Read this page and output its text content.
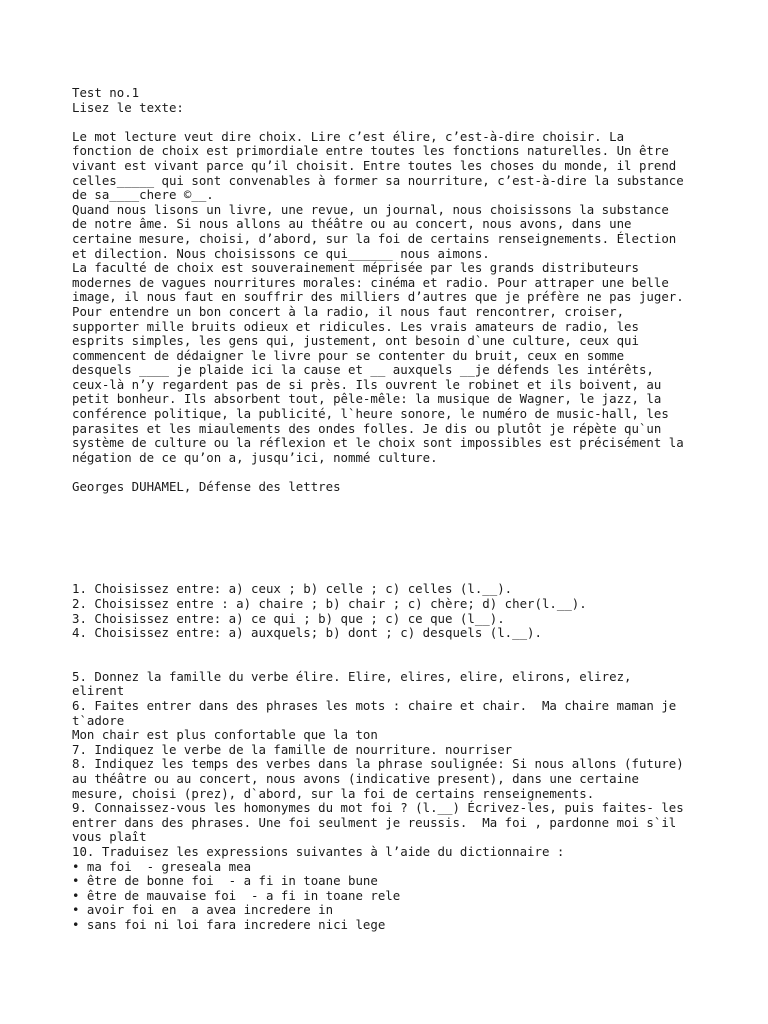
Test no.1
Lisez le texte:
Le mot lecture veut dire choix. Lire c’est élire, c’est-à-dire choisir. La
fonction de choix est primordiale entre toutes les fonctions naturelles. Un être
vivant est vivant parce qu’il choisit. Entre toutes les choses du monde, il prend
celles_____ qui sont convenables à former sa nourriture, c’est-à-dire la substance
de sa____chere ©__.
Quand nous lisons un livre, une revue, un journal, nous choisissons la substance
de notre âme. Si nous allons au théâtre ou au concert, nous avons, dans une
certaine mesure, choisi, d’abord, sur la foi de certains renseignements. Élection
et dilection. Nous choisissons ce qui______ nous aimons.
La faculté de choix est souverainement méprisée par les grands distributeurs
modernes de vagues nourritures morales: cinéma et radio. Pour attraper une belle
image, il nous faut en souffrir des milliers d’autres que je préfère ne pas juger.
Pour entendre un bon concert à la radio, il nous faut rencontrer, croiser,
supporter mille bruits odieux et ridicules. Les vrais amateurs de radio, les
esprits simples, les gens qui, justement, ont besoin d`une culture, ceux qui
commencent de dédaigner le livre pour se contenter du bruit, ceux en somme
desquels ____ je plaide ici la cause et __ auxquels __je défends les intérêts,
ceux-là n’y regardent pas de si près. Ils ouvrent le robinet et ils boivent, au
petit bonheur. Ils absorbent tout, pêle-mêle: la musique de Wagner, le jazz, la
conférence politique, la publicité, l`heure sonore, le numéro de music-hall, les
parasites et les miaulements des ondes folles. Je dis ou plutôt je répète qu`un
système de culture ou la réflexion et le choix sont impossibles est précisément la
négation de ce qu’on a, jusqu’ici, nommé culture.
Georges DUHAMEL, Défense des lettres
1. Choisissez entre: a) ceux ; b) celle ; c) celles (l.__).
2. Choisissez entre : a) chaire ; b) chair ; c) chère; d) cher(l.__).
3. Choisissez entre: a) ce qui ; b) que ; c) ce que (l__).
4. Choisissez entre: a) auxquels; b) dont ; c) desquels (l.__).
5. Donnez la famille du verbe élire. Elire, elires, elire, elirons, elirez,
elirent
6. Faites entrer dans des phrases les mots : chaire et chair.  Ma chaire maman je
t`adore
Mon chair est plus confortable que la ton
7. Indiquez le verbe de la famille de nourriture. nourriser
8. Indiquez les temps des verbes dans la phrase soulignée: Si nous allons (future)
au théâtre ou au concert, nous avons (indicative present), dans une certaine
mesure, choisi (prez), d`abord, sur la foi de certains renseignements.
9. Connaissez-vous les homonymes du mot foi ? (l.__) Écrivez-les, puis faites- les
entrer dans des phrases. Une foi seulment je reussis.  Ma foi , pardonne moi s`il
vous plaît
10. Traduisez les expressions suivantes à l’aide du dictionnaire :
• ma foi  - greseala mea
• être de bonne foi  - a fi in toane bune
• être de mauvaise foi  - a fi in toane rele
• avoir foi en  a avea incredere in
• sans foi ni loi fara incredere nici lege
